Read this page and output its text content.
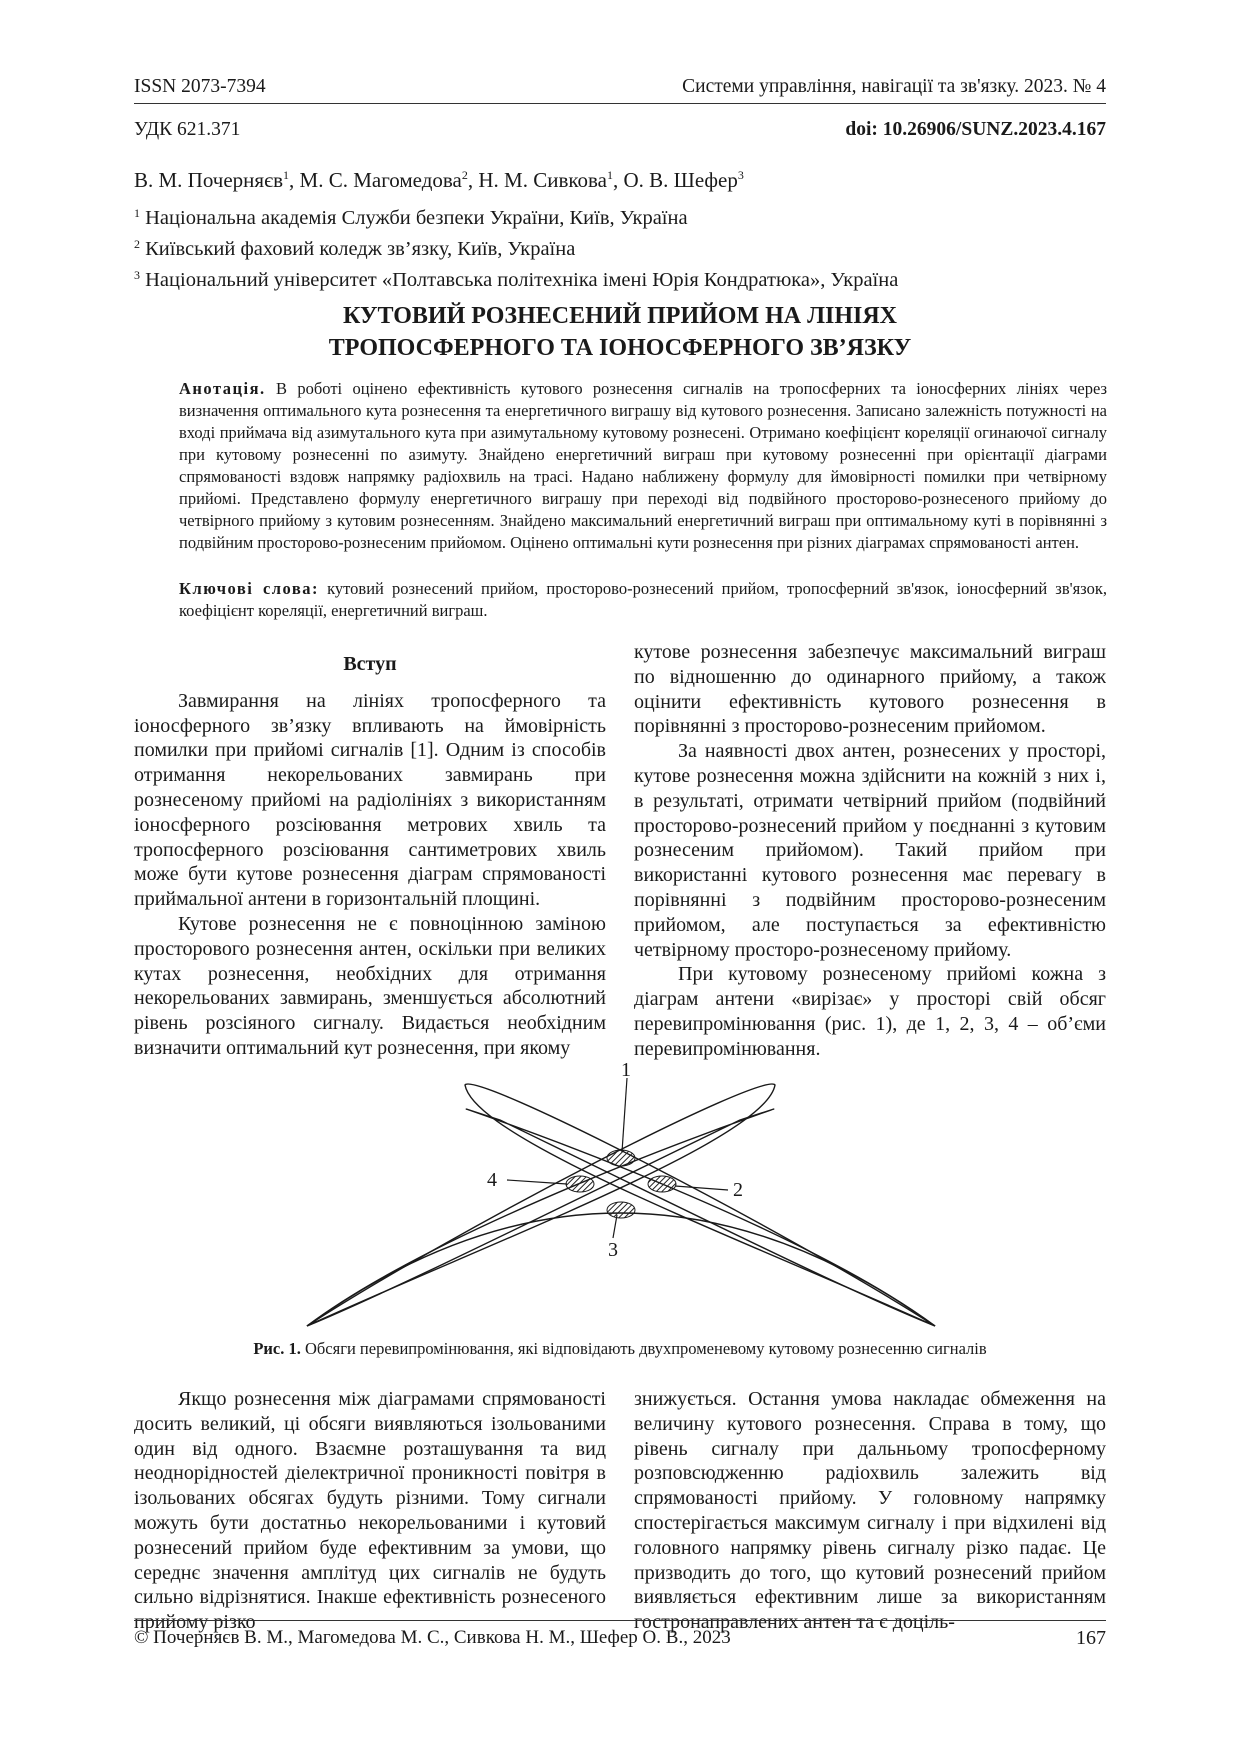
ISSN 2073-7394	Системи управління, навігації та зв'язку. 2023. № 4
УДК 621.371	doi: 10.26906/SUNZ.2023.4.167
В. М. Почерняєв$^1$, М. С. Магомедова$^2$, Н. М. Сивкова$^1$, О. В. Шефер$^3$
$^1$ Національна академія Служби безпеки України, Київ, Україна
$^2$ Київський фаховий коледж зв’язку, Київ, Україна
$^3$ Національний університет «Полтавська політехніка імені Юрія Кондратюка», Україна
КУТОВИЙ РОЗНЕСЕНИЙ ПРИЙОМ НА ЛІНІЯХ
ТРОПОСФЕРНОГО ТА ІОНОСФЕРНОГО ЗВ’ЯЗКУ
Анотація. В роботі оцінено ефективність кутового рознесення сигналів на тропосферних та іоносферних лініях через визначення оптимального кута рознесення та енергетичного виграшу від кутового рознесення. Записано залежність потужності на вході приймача від азимутального кута при азимутальному кутовому рознесені. Отримано коефіцієнт кореляції огинаючої сигналу при кутовому рознесенні по азимуту. Знайдено енергетичний виграш при кутовому рознесенні при орієнтації діаграми спрямованості вздовж напрямку радіохвиль на трасі. Надано наближену формулу для ймовірності помилки при четвірному прийомі. Представлено формулу енергетичного виграшу при переході від подвійного просторово-рознесеного прийому до четвірного прийому з кутовим рознесенням. Знайдено максимальний енергетичний виграш при оптимальному куті в порівнянні з подвійним просторово-рознесеним прийомом. Оцінено оптимальні кути рознесення при різних діаграмах спрямованості антен.
Ключові слова: кутовий рознесений прийом, просторово-рознесений прийом, тропосферний зв'язок, іоносферний зв'язок, коефіцієнт кореляції, енергетичний виграш.

Вступ

Завмирання на лініях тропосферного та іоносферного зв’язку впливають на ймовірність помилки при прийомі сигналів [1]. Одним із способів отримання некорельованих завмирань при рознесеному прийомі на радіолініях з використанням іоносферного розсіювання метрових хвиль та тропосферного розсіювання сантиметрових хвиль може бути кутове рознесення діаграм спрямованості приймальної антени в горизонтальній площині.

Кутове рознесення не є повноцінною заміною просторового рознесення антен, оскільки при великих кутах рознесення, необхідних для отримання некорельованих завмирань, зменшується абсолютний рівень розсіяного сигналу. Видається необхідним визначити оптимальний кут рознесення, при якому

кутове рознесення забезпечує максимальний виграш по відношенню до одинарного прийому, а також оцінити ефективність кутового рознесення в порівнянні з просторово-рознесеним прийомом.

За наявності двох антен, рознесених у просторі, кутове рознесення можна здійснити на кожній з них і, в результаті, отримати четвірний прийом (подвійний просторово-рознесений прийом у поєднанні з кутовим рознесеним прийомом). Такий прийом при використанні кутового рознесення має перевагу в порівнянні з подвійним просторово-рознесеним прийомом, але поступається за ефективністю четвірному просторо-рознесеному прийому.

При кутовому рознесеному прийомі кожна з діаграм антени «вирізає» у просторі свій обсяг перевипромінювання (рис. 1), де 1, 2, 3, 4 – об’єми перевипромінювання.

1
2
3
4
Рис. 1. Обсяги перевипромінювання, які відповідають двухпроменевому кутовому рознесенню сигналів

Якщо рознесення між діаграмами спрямованості досить великий, ці обсяги виявляються ізольованими один від одного. Взаємне розташування та вид неоднорідностей діелектричної проникності повітря в ізольованих обсягах будуть різними. Тому сигнали можуть бути достатньо некорельованими і кутовий рознесений прийом буде ефективним за умови, що середнє значення амплітуд цих сигналів не будуть сильно відрізнятися. Інакше ефективність рознесеного прийому різко

знижується. Остання умова накладає обмеження на величину кутового рознесення. Справа в тому, що рівень сигналу при дальньому тропосферному розповсюдженню радіохвиль залежить від спрямованості прийому. У головному напрямку спостерігається максимум сигналу і при відхилені від головного напрямку рівень сигналу різко падає. Це призводить до того, що кутовий рознесений прийом виявляється ефективним лише за використанням гостронаправлених антен та є доціль-

© Почерняєв В. М., Магомедова М. С., Сивкова Н. М., Шефер О. В., 2023	167
